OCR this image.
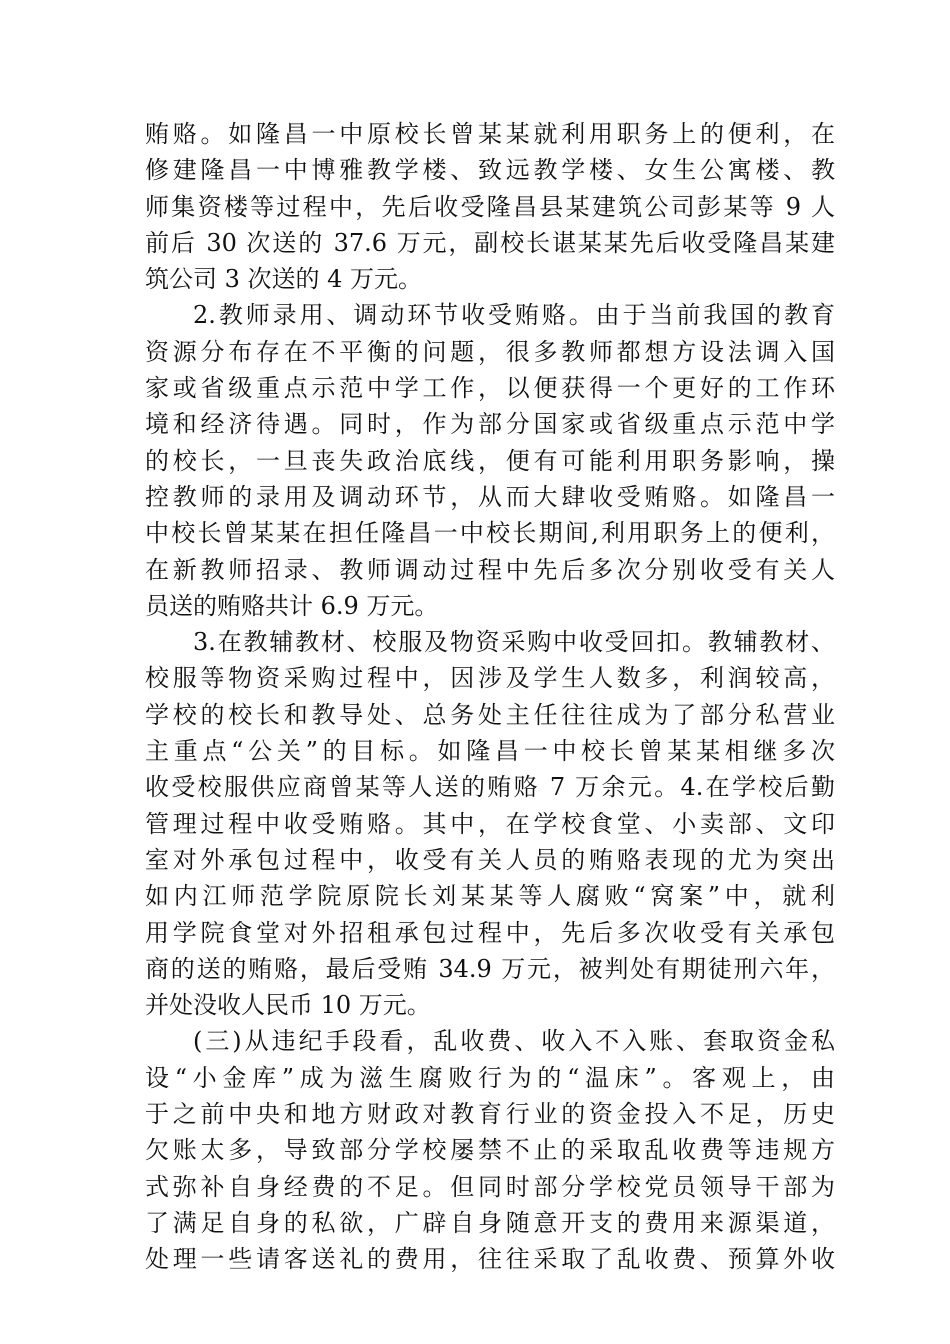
贿赂。如隆昌一中原校长曾某某就利用职务上的便利，在
修建隆昌一中博雅教学楼、致远教学楼、女生公寓楼、教
师集资楼等过程中，先后收受隆昌县某建筑公司彭某等 9 人
前后 30 次送的 37.6 万元，副校长谌某某先后收受隆昌某建
筑公司 3 次送的 4 万元。
2.教师录用、调动环节收受贿赂。由于当前我国的教育
资源分布存在不平衡的问题，很多教师都想方设法调入国
家或省级重点示范中学工作，以便获得一个更好的工作环
境和经济待遇。同时，作为部分国家或省级重点示范中学
的校长，一旦丧失政治底线，便有可能利用职务影响，操
控教师的录用及调动环节，从而大肆收受贿赂。如隆昌一
中校长曾某某在担任隆昌一中校长期间,利用职务上的便利，
在新教师招录、教师调动过程中先后多次分别收受有关人
员送的贿赂共计 6.9 万元。
3.在教辅教材、校服及物资采购中收受回扣。教辅教材、
校服等物资采购过程中，因涉及学生人数多，利润较高，
学校的校长和教导处、总务处主任往往成为了部分私营业
主重点“公关”的目标。如隆昌一中校长曾某某相继多次
收受校服供应商曾某等人送的贿赂 7 万余元。4.在学校后勤
管理过程中收受贿赂。其中，在学校食堂、小卖部、文印
室对外承包过程中，收受有关人员的贿赂表现的尤为突出
如内江师范学院原院长刘某某等人腐败“窝案”中，就利
用学院食堂对外招租承包过程中，先后多次收受有关承包
商的送的贿赂，最后受贿 34.9 万元，被判处有期徒刑六年，
并处没收人民币 10 万元。
(三)从违纪手段看，乱收费、收入不入账、套取资金私
设“小金库”成为滋生腐败行为的“温床”。客观上，由
于之前中央和地方财政对教育行业的资金投入不足，历史
欠账太多，导致部分学校屡禁不止的采取乱收费等违规方
式弥补自身经费的不足。但同时部分学校党员领导干部为
了满足自身的私欲，广辟自身随意开支的费用来源渠道，
处理一些请客送礼的费用，往往采取了乱收费、预算外收
